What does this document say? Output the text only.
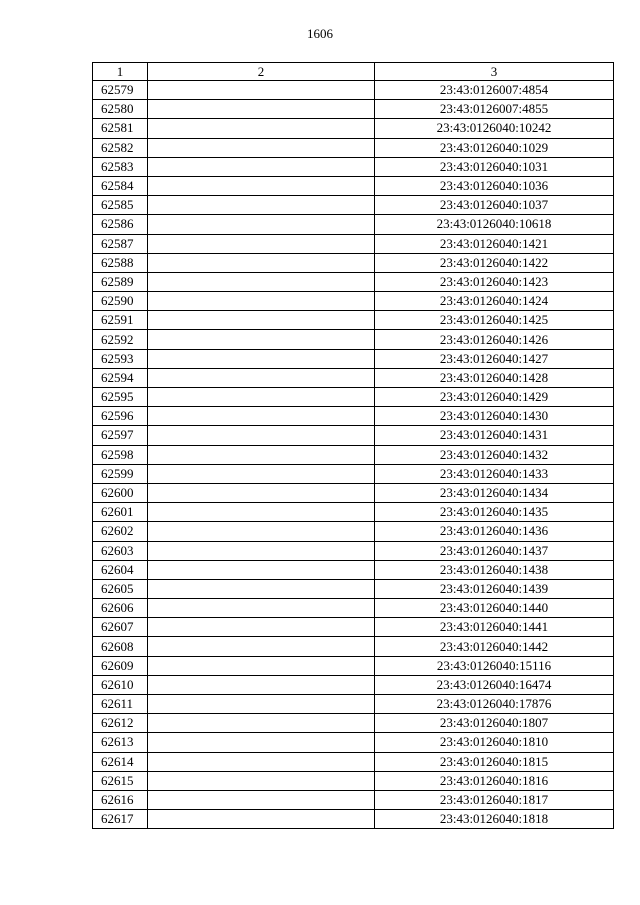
1606
1	2	3
62579		23:43:0126007:4854
62580		23:43:0126007:4855
62581		23:43:0126040:10242
62582		23:43:0126040:1029
62583		23:43:0126040:1031
62584		23:43:0126040:1036
62585		23:43:0126040:1037
62586		23:43:0126040:10618
62587		23:43:0126040:1421
62588		23:43:0126040:1422
62589		23:43:0126040:1423
62590		23:43:0126040:1424
62591		23:43:0126040:1425
62592		23:43:0126040:1426
62593		23:43:0126040:1427
62594		23:43:0126040:1428
62595		23:43:0126040:1429
62596		23:43:0126040:1430
62597		23:43:0126040:1431
62598		23:43:0126040:1432
62599		23:43:0126040:1433
62600		23:43:0126040:1434
62601		23:43:0126040:1435
62602		23:43:0126040:1436
62603		23:43:0126040:1437
62604		23:43:0126040:1438
62605		23:43:0126040:1439
62606		23:43:0126040:1440
62607		23:43:0126040:1441
62608		23:43:0126040:1442
62609		23:43:0126040:15116
62610		23:43:0126040:16474
62611		23:43:0126040:17876
62612		23:43:0126040:1807
62613		23:43:0126040:1810
62614		23:43:0126040:1815
62615		23:43:0126040:1816
62616		23:43:0126040:1817
62617		23:43:0126040:1818
